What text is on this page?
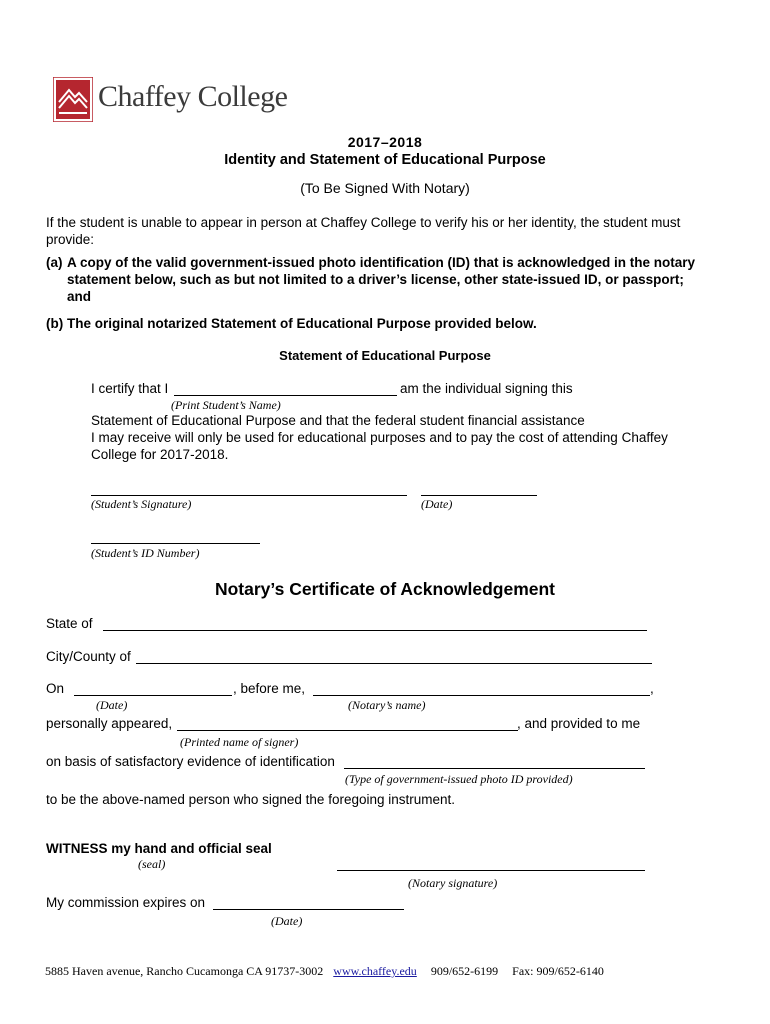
Chaffey College
2017–2018
Identity and Statement of Educational Purpose
(To Be Signed With Notary)
If the student is unable to appear in person at Chaffey College to verify his or her identity, the student must
provide:
(a) A copy of the valid government-issued photo identification (ID) that is acknowledged in the notary
statement below, such as but not limited to a driver’s license, other state-issued ID, or passport;
and
(b) The original notarized Statement of Educational Purpose provided below.
Statement of Educational Purpose
I certify that I	am the individual signing this
(Print Student’s Name)
Statement of Educational Purpose and that the federal student financial assistance
I may receive will only be used for educational purposes and to pay the cost of attending Chaffey
College for 2017-2018.
(Student’s Signature)	(Date)
(Student’s ID Number)
Notary’s Certificate of Acknowledgement
State of
City/County of
On	, before me,	,
(Date)	(Notary’s name)
personally appeared,	, and provided to me
(Printed name of signer)
on basis of satisfactory evidence of identification
(Type of government-issued photo ID provided)
to be the above-named person who signed the foregoing instrument.
WITNESS my hand and official seal
(seal)
(Notary signature)
My commission expires on
(Date)
5885 Haven avenue, Rancho Cucamonga CA 91737-3002 www.chaffey.edu 909/652-6199 Fax: 909/652-6140
